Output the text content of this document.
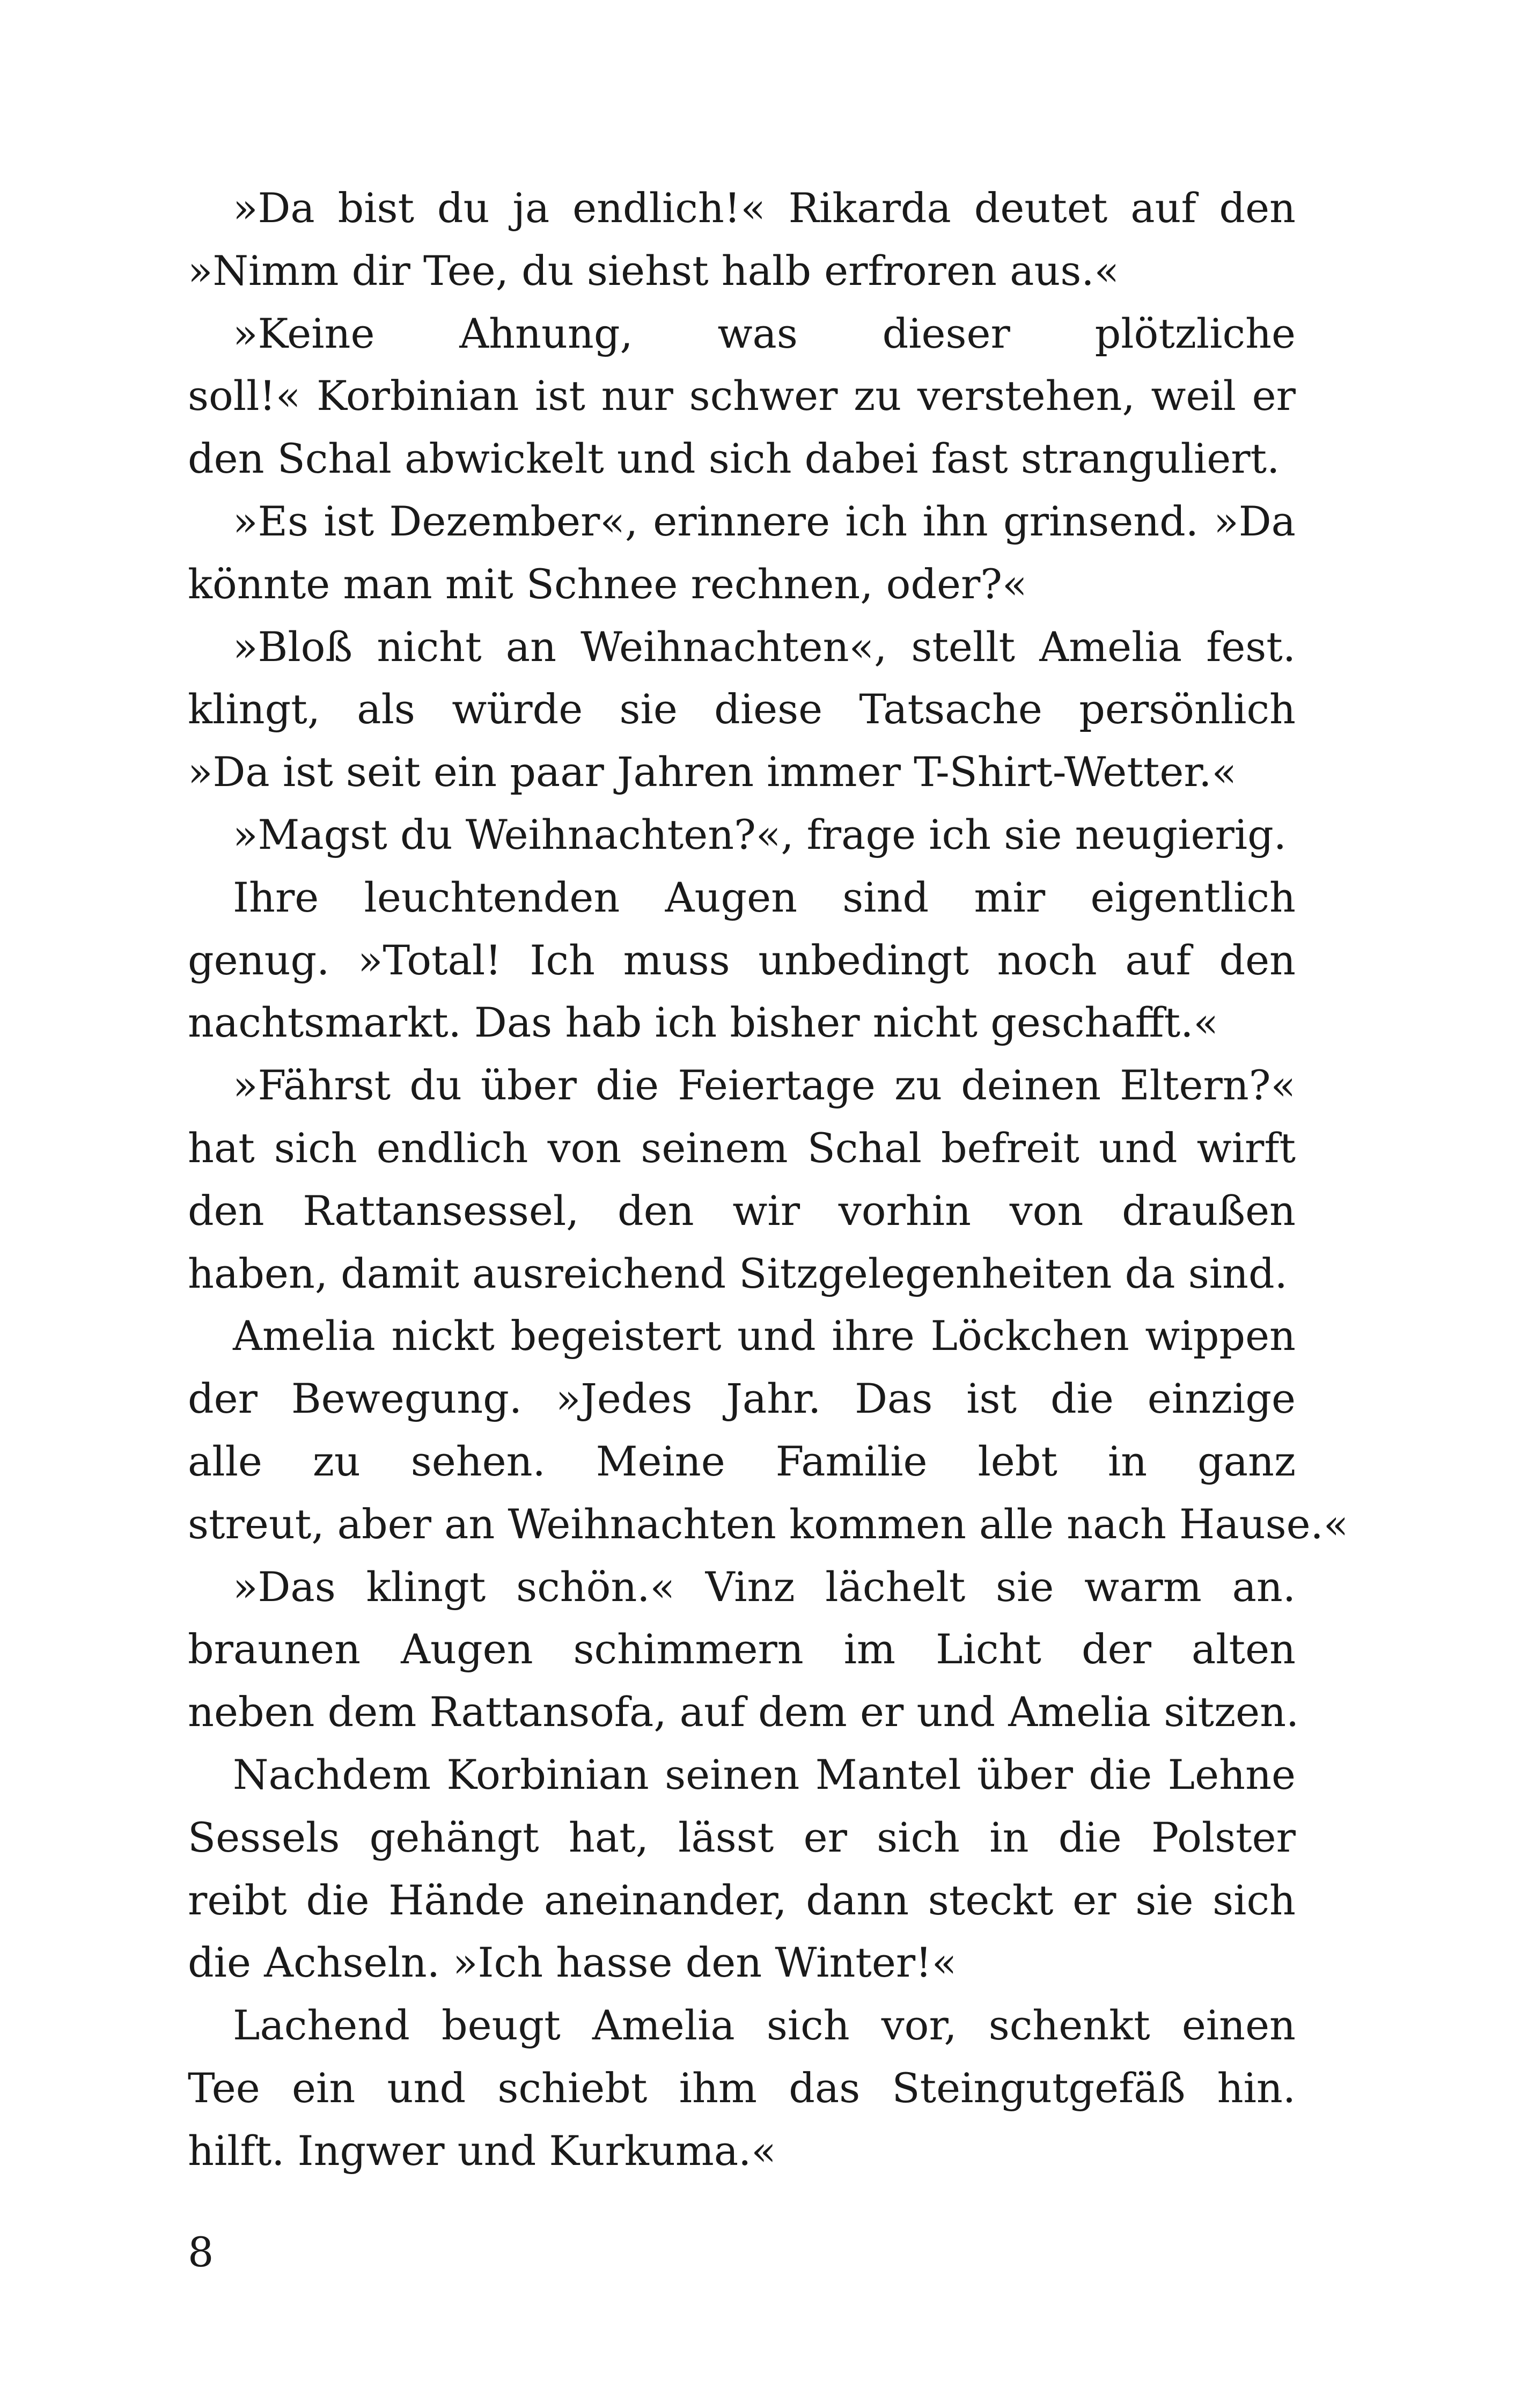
»Da bist du ja endlich!« Rikarda deutet auf den
»Nimm dir Tee, du siehst halb erfroren aus.«
»Keine Ahnung, was dieser plötzliche
soll!« Korbinian ist nur schwer zu verstehen, weil er
den Schal abwickelt und sich dabei fast stranguliert.
»Es ist Dezember«, erinnere ich ihn grinsend. »Da
könnte man mit Schnee rechnen, oder?«
»Bloß nicht an Weihnachten«, stellt Amelia fest.
klingt, als würde sie diese Tatsache persönlich
»Da ist seit ein paar Jahren immer T-Shirt-Wetter.«
»Magst du Weihnachten?«, frage ich sie neugierig.
Ihre leuchtenden Augen sind mir eigentlich
genug. »Total! Ich muss unbedingt noch auf den
nachtsmarkt. Das hab ich bisher nicht geschafft.«
»Fährst du über die Feiertage zu deinen Eltern?«
hat sich endlich von seinem Schal befreit und wirft
den Rattansessel, den wir vorhin von draußen
haben, damit ausreichend Sitzgelegenheiten da sind.
Amelia nickt begeistert und ihre Löckchen wippen
der Bewegung. »Jedes Jahr. Das ist die einzige
alle zu sehen. Meine Familie lebt in ganz
streut, aber an Weihnachten kommen alle nach Hause.«
»Das klingt schön.« Vinz lächelt sie warm an.
braunen Augen schimmern im Licht der alten
neben dem Rattansofa, auf dem er und Amelia sitzen.
Nachdem Korbinian seinen Mantel über die Lehne
Sessels gehängt hat, lässt er sich in die Polster
reibt die Hände aneinander, dann steckt er sie sich
die Achseln. »Ich hasse den Winter!«
Lachend beugt Amelia sich vor, schenkt einen
Tee ein und schiebt ihm das Steingutgefäß hin.
hilft. Ingwer und Kurkuma.«
8
